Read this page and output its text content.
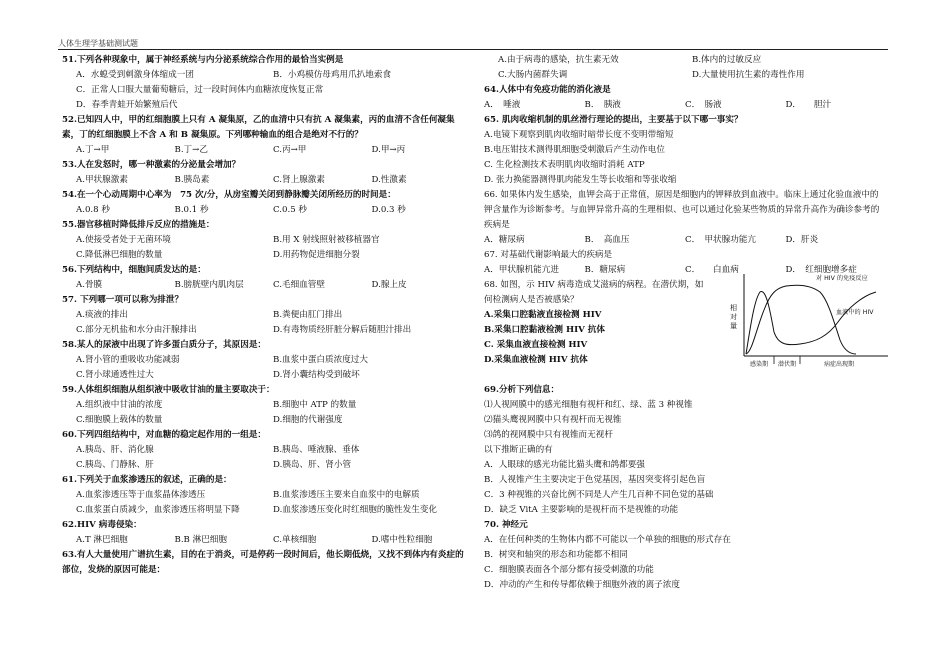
人体生理学基础测试题
51.下列各种现象中，属于神经系统与内分泌系统综合作用的最恰当实例是
A．水螅受到刺激身体缩成一团	B．小鸡模仿母鸡用爪扒地索食
C．正常人口服大量葡萄糖后，过一段时间体内血糖浓度恢复正常
D．春季青蛙开始繁殖后代
52.已知四人中，甲的红细胞膜上只有 A 凝集原，乙的血清中只有抗 A 凝集素，丙的血清不含任何凝集素，丁的红细胞膜上不含 A 和 B 凝集原。下列哪种输血的组合是绝对不行的？
A.丁→甲	B.丁→乙	C.丙→甲	D.甲→丙
53.人在发怒时，哪一种激素的分泌量会增加？
A.甲状腺激素	B.胰岛素	C.肾上腺激素	D.性激素
54.在一个心动周期中心率为　75 次/分，从房室瓣关闭到静脉瓣关闭所经历的时间是：
A.0.8 秒	B.0.1 秒	C.0.5 秒	D.0.3 秒
55.器官移植时降低排斥反应的措施是：
A.使接受者处于无菌环境	B.用 X 射线照射被移植器官
C.降低淋巴细胞的数量	D.用药物促进细胞分裂
56.下列结构中，细胞间质发达的是：
A.骨膜	B.膀胱壁内肌肉层	C.毛细血管壁	D.腺上皮
57. 下列哪一项可以称为排泄？
A.痰液的排出	B.粪便由肛门排出
C.部分无机盐和水分由汗腺排出	D.有毒物质经肝脏分解后随胆汁排出
58.某人的尿液中出现了许多蛋白质分子，其原因是：
A.肾小管的重吸收功能减弱	B.血浆中蛋白质浓度过大
C.肾小球通透性过大	D.肾小囊结构受到破坏
59.人体组织细胞从组织液中吸收甘油的量主要取决于：
A.组织液中甘油的浓度	B.细胞中 ATP 的数量
C.细胞膜上载体的数量	D.细胞的代谢强度
60.下列四组结构中，对血糖的稳定起作用的一组是：
A.胰岛、肝、消化腺	B.胰岛、唾液腺、垂体
C.胰岛、门静脉、肝	D.胰岛、肝、肾小管
61.下列关于血浆渗透压的叙述，正确的是：
A.血浆渗透压等于血浆晶体渗透压	B.血浆渗透压主要来自血浆中的电解质
C.血浆蛋白质减少，血浆渗透压将明显下降	D.血浆渗透压变化时红细胞的脆性发生变化
62.HIV 病毒侵染：
A.T 淋巴细胞	B.B 淋巴细胞	C.单核细胞	D.嗜中性粒细胞
63.有人大量使用广谱抗生素，目的在于消炎，可是停药一段时间后，他长期低烧，又找不到体内有炎症的部位，发烧的原因可能是：
A.由于病毒的感染，抗生素无效	B.体内的过敏反应
C.大肠内菌群失调	D.大量使用抗生素的毒性作用
64.人体中有免疫功能的消化液是
A．　唾液	B．　胰液	C．　肠液	D．　　胆汁
65. 肌肉收缩机制的肌丝滑行理论的提出，主要基于以下哪一事实？
A.电镜下观察到肌肉收缩时暗带长度不变明带缩短
B.电压钳技术测得肌细胞受刺激后产生动作电位
C. 生化检测技术表明肌肉收缩时消耗 ATP
D. 张力换能器测得肌肉能发生等长收缩和等张收缩
66. 如果体内发生感染，血钾会高于正常值，原因是细胞内的钾释放到血液中。临床上通过化验血液中的钾含量作为诊断参考。与血钾异常升高的生理相似、也可以通过化验某些物质的异常升高作为确诊参考的疾病是
A．糖尿病	B．　高血压	C．　甲状腺功能亢	D．肝炎
67. 对基础代谢影响最大的疾病是
A．甲状腺机能亢进	B．糖尿病	C．　　白血病	D．　红细胞增多症
68. 如图，示 HIV 病毒造成艾滋病的病程。在潜伏期，如何检测病人是否被感染？
A.采集口腔黏液直接检测 HIV
B.采集口腔黏液检测 HIV 抗体
C. 采集血液直接检测 HIV
D.采集血液检测 HIV 抗体
相
对
量
对 HIV 的免疫反应
血液中的 HIV
感染期 潜伏期	病症出现期
69.分析下列信息：
⑴人视网膜中的感光细胞有视杆和红、绿、蓝 3 种视锥
⑵猫头鹰视网膜中只有视杆而无视锥
⑶鸽的视网膜中只有视锥而无视杆
以下推断正确的有
A．人眼球的感光功能比猫头鹰和鸽都要强
B．人视锥产生主要决定于色觉基因，基因突变将引起色盲
C．3 种视锥的兴奋比例不同是人产生几百种不同色觉的基础
D．缺乏 VitA 主要影响的是视杆而不是视锥的功能
70. 神经元
A．在任何种类的生物体内都不可能以一个单独的细胞的形式存在
B．树突和轴突的形态和功能都不相同
C．细胞膜表面各个部分都有接受刺激的功能
D．冲动的产生和传导都依赖于细胞外液的离子浓度
